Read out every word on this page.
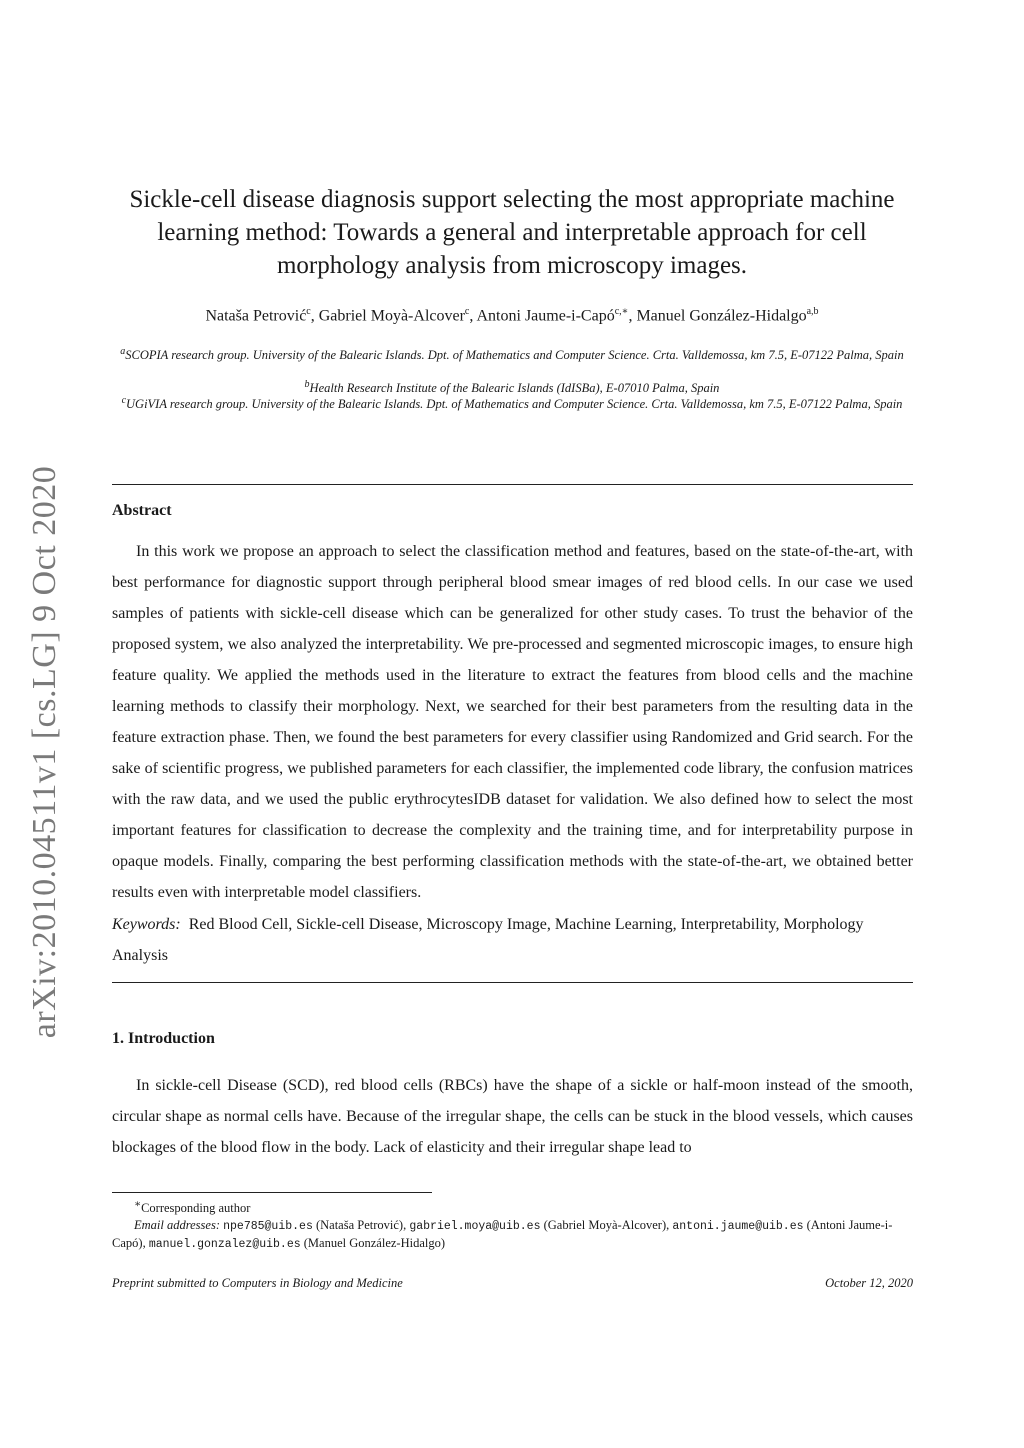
arXiv:2010.04511v1 [cs.LG] 9 Oct 2020
Sickle-cell disease diagnosis support selecting the most appropriate machine learning method: Towards a general and interpretable approach for cell morphology analysis from microscopy images.
Nataša Petrović$^c$, Gabriel Moyà-Alcover$^c$, Antoni Jaume-i-Capó$^{c,∗}$, Manuel González-Hidalgo$^{a,b}$
$^a$SCOPIA research group. University of the Balearic Islands. Dpt. of Mathematics and Computer Science. Crta. Valldemossa, km 7.5, E-07122 Palma, Spain
$^b$Health Research Institute of the Balearic Islands (IdISBa), E-07010 Palma, Spain
$^c$UGiVIA research group. University of the Balearic Islands. Dpt. of Mathematics and Computer Science. Crta. Valldemossa, km 7.5, E-07122 Palma, Spain
Abstract

In this work we propose an approach to select the classification method and features, based on the state-of-the-art, with best performance for diagnostic support through peripheral blood smear images of red blood cells. In our case we used samples of patients with sickle-cell disease which can be generalized for other study cases. To trust the behavior of the proposed system, we also analyzed the interpretability. We pre-processed and segmented microscopic images, to ensure high feature quality. We applied the methods used in the literature to extract the features from blood cells and the machine learning methods to classify their morphology. Next, we searched for their best parameters from the resulting data in the feature extraction phase. Then, we found the best parameters for every classifier using Randomized and Grid search. For the sake of scientific progress, we published parameters for each classifier, the implemented code library, the confusion matrices with the raw data, and we used the public erythrocytesIDB dataset for validation. We also defined how to select the most important features for classification to decrease the complexity and the training time, and for interpretability purpose in opaque models. Finally, comparing the best performing classification methods with the state-of-the-art, we obtained better results even with interpretable model classifiers.

Keywords: Red Blood Cell, Sickle-cell Disease, Microscopy Image, Machine Learning, Interpretability, Morphology Analysis

1. Introduction

In sickle-cell Disease (SCD), red blood cells (RBCs) have the shape of a sickle or half-moon instead of the smooth, circular shape as normal cells have. Because of the irregular shape, the cells can be stuck in the blood vessels, which causes blockages of the blood flow in the body. Lack of elasticity and their irregular shape lead to

∗Corresponding author
Email addresses: npe785@uib.es (Nataša Petrović), gabriel.moya@uib.es (Gabriel Moyà-Alcover), antoni.jaume@uib.es (Antoni Jaume-i-Capó), manuel.gonzalez@uib.es (Manuel González-Hidalgo)
Preprint submitted to Computers in Biology and Medicine	October 12, 2020
